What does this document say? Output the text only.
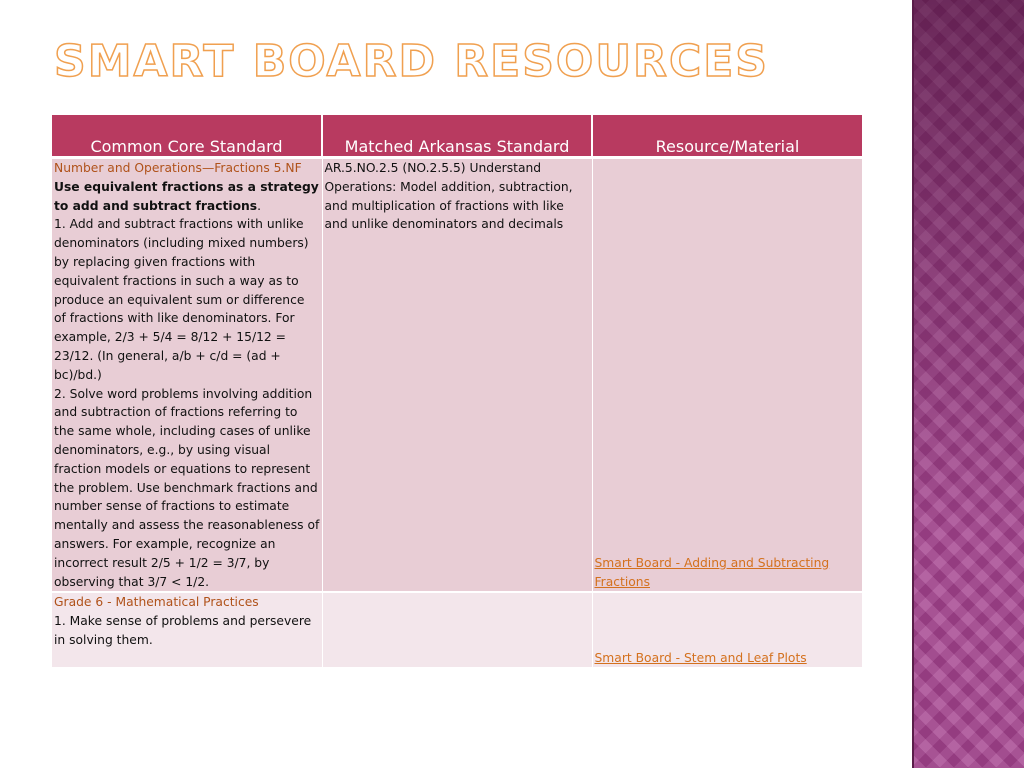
SMART BOARD RESOURCES
Common Core Standard	Matched Arkansas Standard	Resource/Material

Number and Operations—Fractions 5.NF
Use equivalent fractions as a strategy to add and subtract fractions.
1. Add and subtract fractions with unlike denominators (including mixed numbers) by replacing given fractions with equivalent fractions in such a way as to produce an equivalent sum or difference of fractions with like denominators. For example, 2/3 + 5/4 = 8/12 + 15/12 = 23/12. (In general, a/b + c/d = (ad + bc)/bd.)
2. Solve word problems involving addition and subtraction of fractions referring to the same whole, including cases of unlike denominators, e.g., by using visual fraction models or equations to represent the problem. Use benchmark fractions and number sense of fractions to estimate mentally and assess the reasonableness of answers. For example, recognize an incorrect result 2/5 + 1/2 = 3/7, by observing that 3/7 < 1/2.	AR.5.NO.2.5 (NO.2.5.5) Understand Operations: Model addition, subtraction, and multiplication of fractions with like and unlike denominators and decimals	Smart Board - Adding and Subtracting Fractions

Grade 6 - Mathematical Practices
1. Make sense of problems and persevere in solving them.		Smart Board - Stem and Leaf Plots
